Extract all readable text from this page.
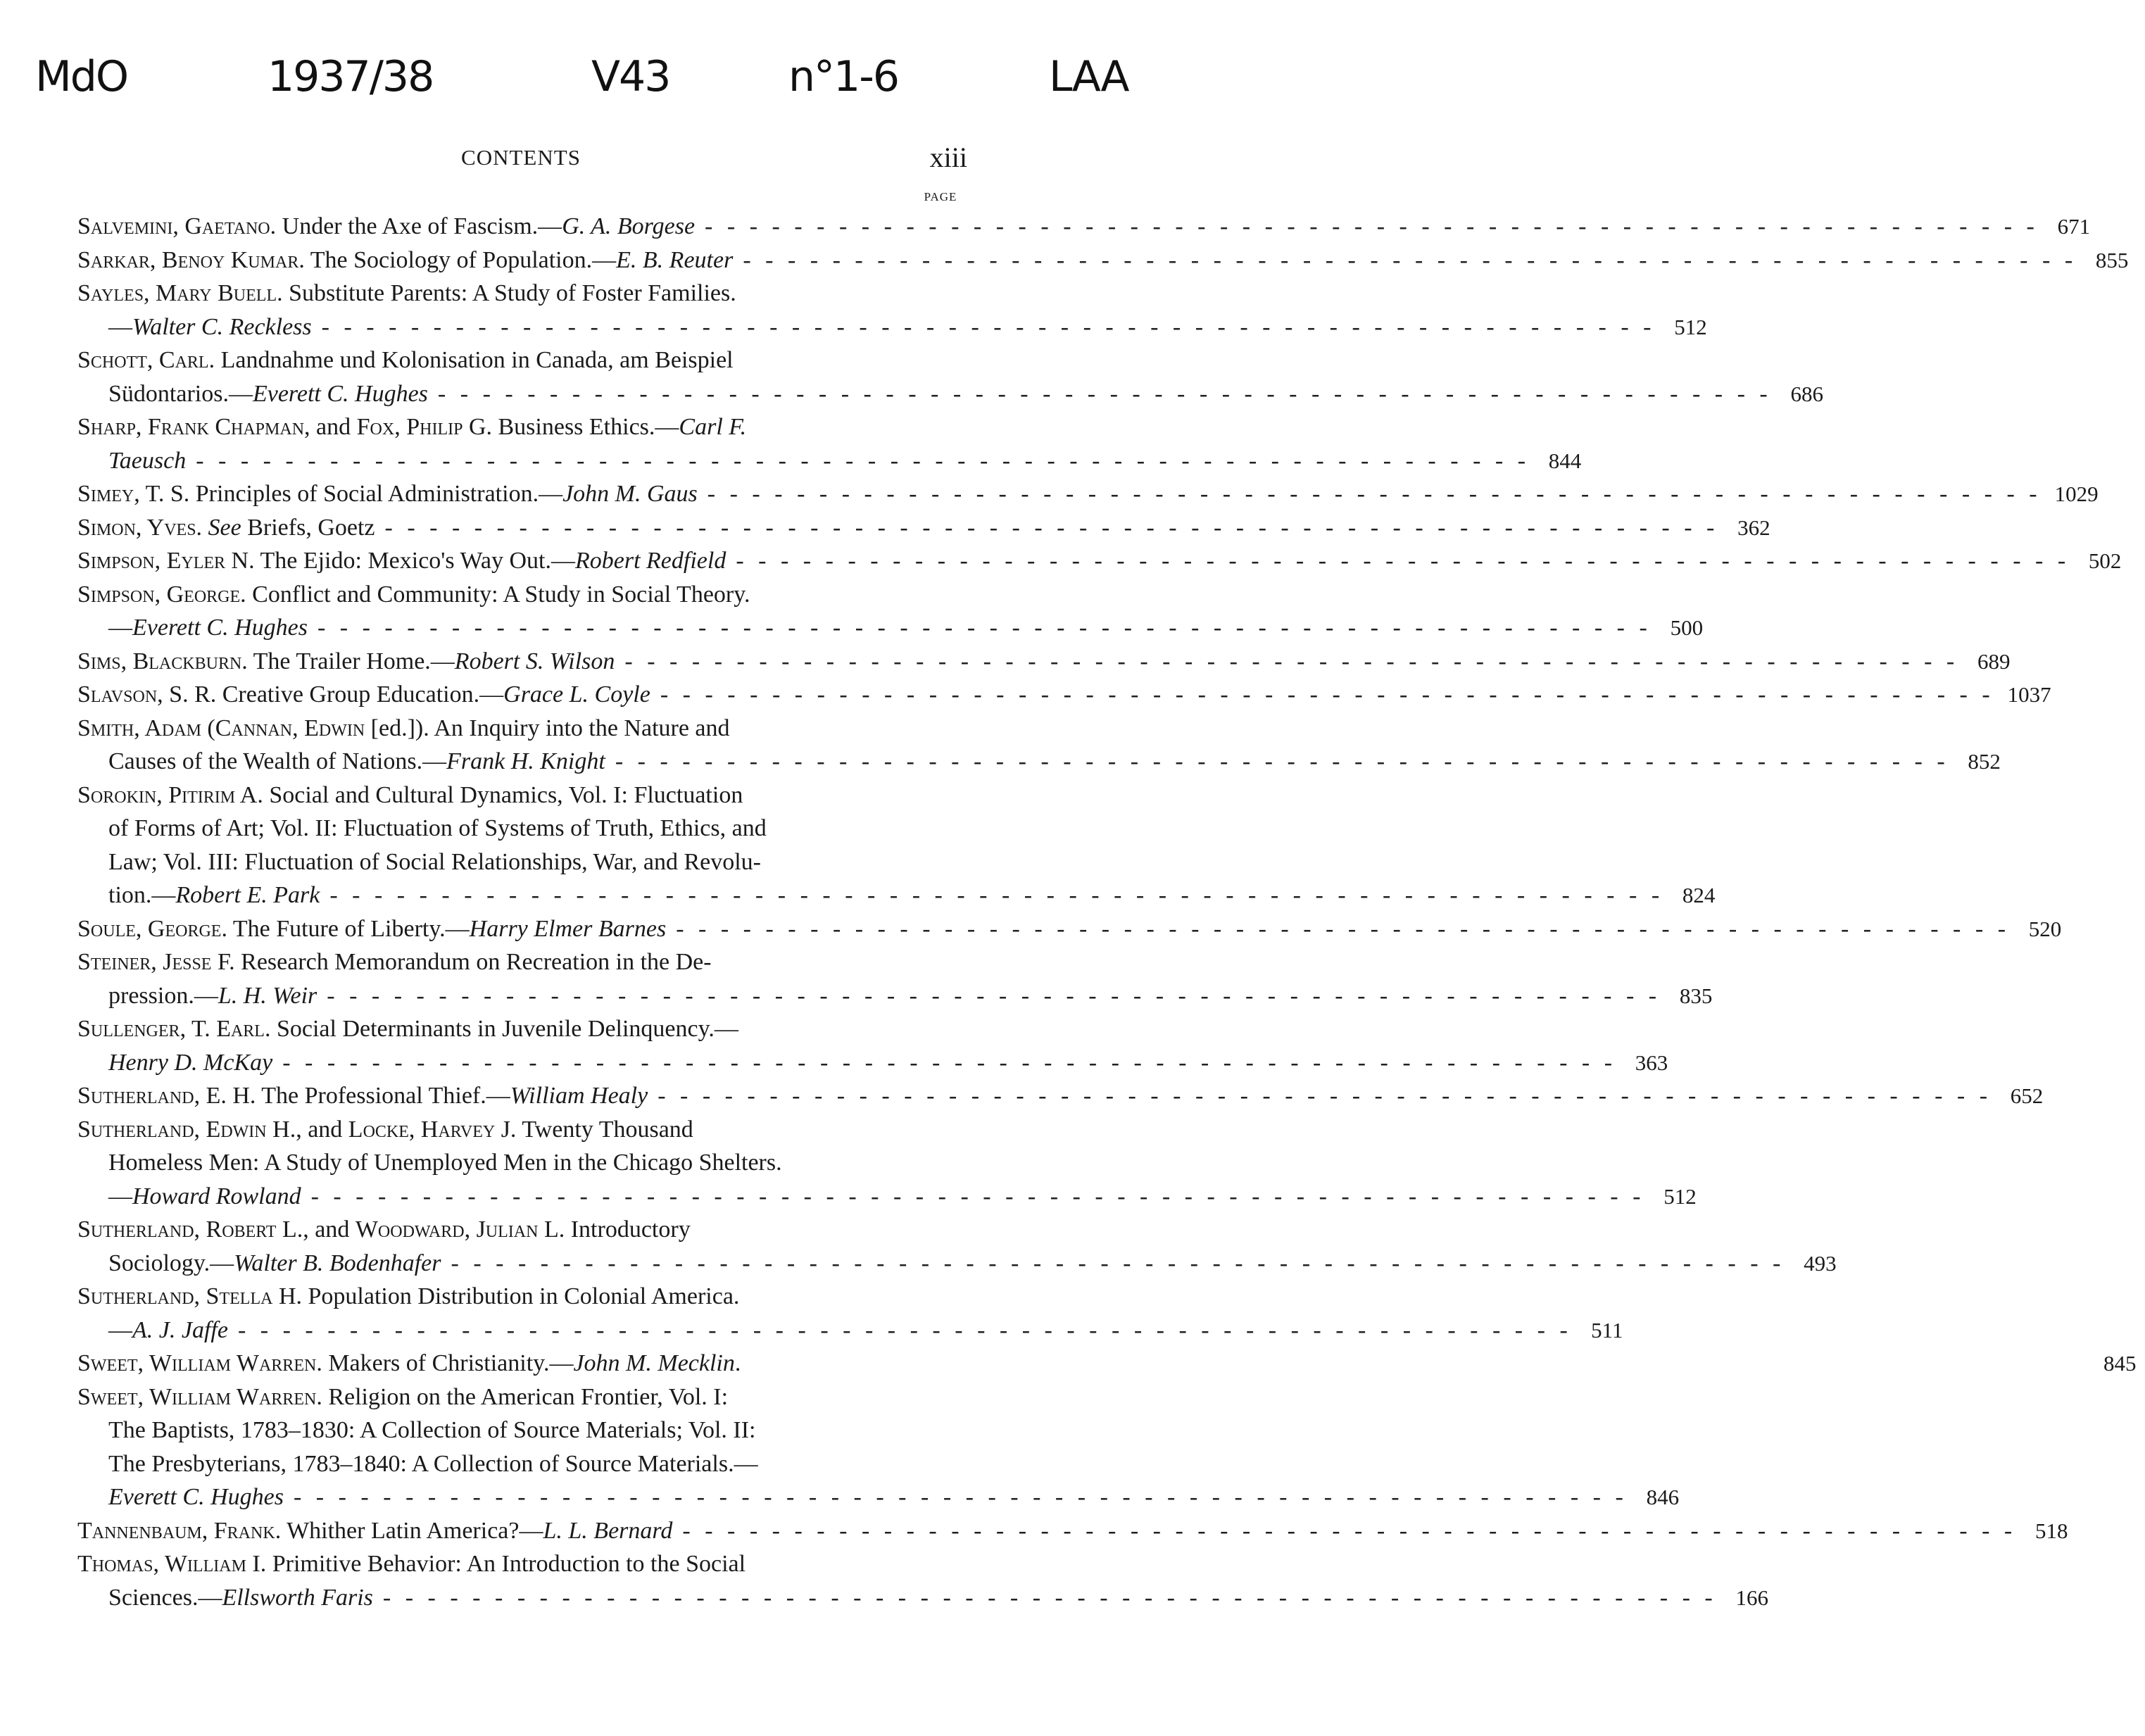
MdO	1937/38	V43	n°1-6	LAA
CONTENTS	xiii
PAGE
Salvemini, Gaetano. Under the Axe of Fascism.—G. A. Borgese - - -	671
Sarkar, Benoy Kumar. The Sociology of Population.—E. B. Reuter - - -	855
Sayles, Mary Buell. Substitute Parents: A Study of Foster Families.
—Walter C. Reckless - - -	512
Schott, Carl. Landnahme und Kolonisation in Canada, am Beispiel
Südontarios.—Everett C. Hughes - - -	686
Sharp, Frank Chapman, and Fox, Philip G. Business Ethics.—Carl F.
Taeusch - - -	844
Simey, T. S. Principles of Social Administration.—John M. Gaus - - -	1029
Simon, Yves. See Briefs, Goetz - - -	362
Simpson, Eyler N. The Ejido: Mexico's Way Out.—Robert Redfield - - -	502
Simpson, George. Conflict and Community: A Study in Social Theory.
—Everett C. Hughes - - -	500
Sims, Blackburn. The Trailer Home.—Robert S. Wilson - - -	689
Slavson, S. R. Creative Group Education.—Grace L. Coyle - - -	1037
Smith, Adam (Cannan, Edwin [ed.]). An Inquiry into the Nature and
Causes of the Wealth of Nations.—Frank H. Knight - - -	852
Sorokin, Pitirim A. Social and Cultural Dynamics, Vol. I: Fluctuation
of Forms of Art; Vol. II: Fluctuation of Systems of Truth, Ethics, and
Law; Vol. III: Fluctuation of Social Relationships, War, and Revolu-
tion.—Robert E. Park - - -	824
Soule, George. The Future of Liberty.—Harry Elmer Barnes - - -	520
Steiner, Jesse F. Research Memorandum on Recreation in the De-
pression.—L. H. Weir - - -	835
Sullenger, T. Earl. Social Determinants in Juvenile Delinquency.—
Henry D. McKay - - -	363
Sutherland, E. H. The Professional Thief.—William Healy - - -	652
Sutherland, Edwin H., and Locke, Harvey J. Twenty Thousand
Homeless Men: A Study of Unemployed Men in the Chicago Shelters.
—Howard Rowland - - -	512
Sutherland, Robert L., and Woodward, Julian L. Introductory
Sociology.—Walter B. Bodenhafer - - -	493
Sutherland, Stella H. Population Distribution in Colonial America.
—A. J. Jaffe - - -	511
Sweet, William Warren. Makers of Christianity.—John M. Mecklin.	845
Sweet, William Warren. Religion on the American Frontier, Vol. I:
The Baptists, 1783–1830: A Collection of Source Materials; Vol. II:
The Presbyterians, 1783–1840: A Collection of Source Materials.—
Everett C. Hughes - - -	846
Tannenbaum, Frank. Whither Latin America?—L. L. Bernard - - -	518
Thomas, William I. Primitive Behavior: An Introduction to the Social
Sciences.—Ellsworth Faris - - -	166
